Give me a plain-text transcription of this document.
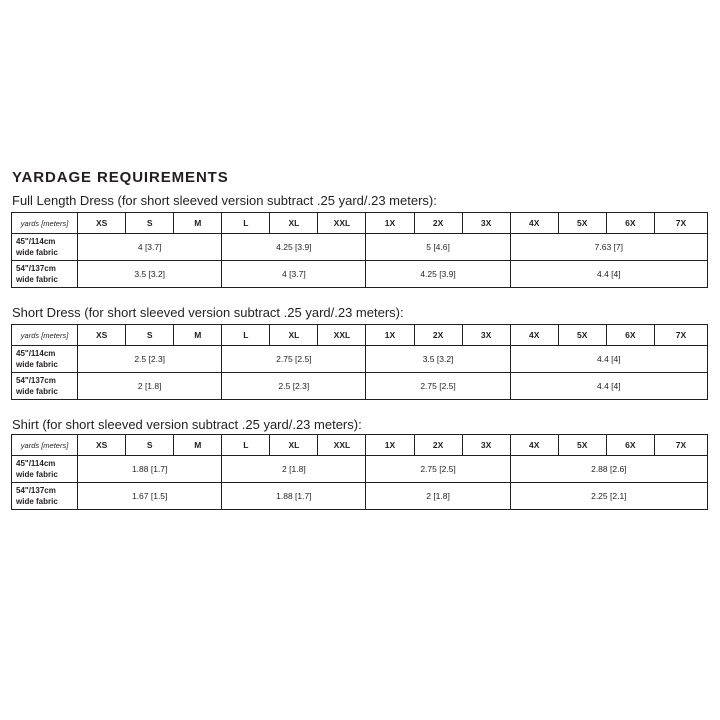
YARDAGE REQUIREMENTS
Full Length Dress (for short sleeved version subtract .25 yard/.23 meters):
yards [meters]	XS	S	M	L	XL	XXL	1X	2X	3X	4X	5X	6X	7X
45"/114cm
wide fabric	4 [3.7]			4.25 [3.9]			5 [4.6]			7.63 [7]			
54"/137cm
wide fabric	3.5 [3.2]			4 [3.7]			4.25 [3.9]			4.4 [4]			
Short Dress (for short sleeved version subtract .25 yard/.23 meters):
yards [meters]	XS	S	M	L	XL	XXL	1X	2X	3X	4X	5X	6X	7X
45"/114cm
wide fabric	2.5 [2.3]			2.75 [2.5]			3.5 [3.2]			4.4 [4]			
54"/137cm
wide fabric	2 [1.8]			2.5 [2.3]			2.75 [2.5]			4.4 [4]			
Shirt (for short sleeved version subtract .25 yard/.23 meters):
yards [meters]	XS	S	M	L	XL	XXL	1X	2X	3X	4X	5X	6X	7X
45"/114cm
wide fabric	1.88 [1.7]			2 [1.8]			2.75 [2.5]			2.88 [2.6]			
54"/137cm
wide fabric	1.67 [1.5]			1.88 [1.7]			2 [1.8]			2.25 [2.1]			
